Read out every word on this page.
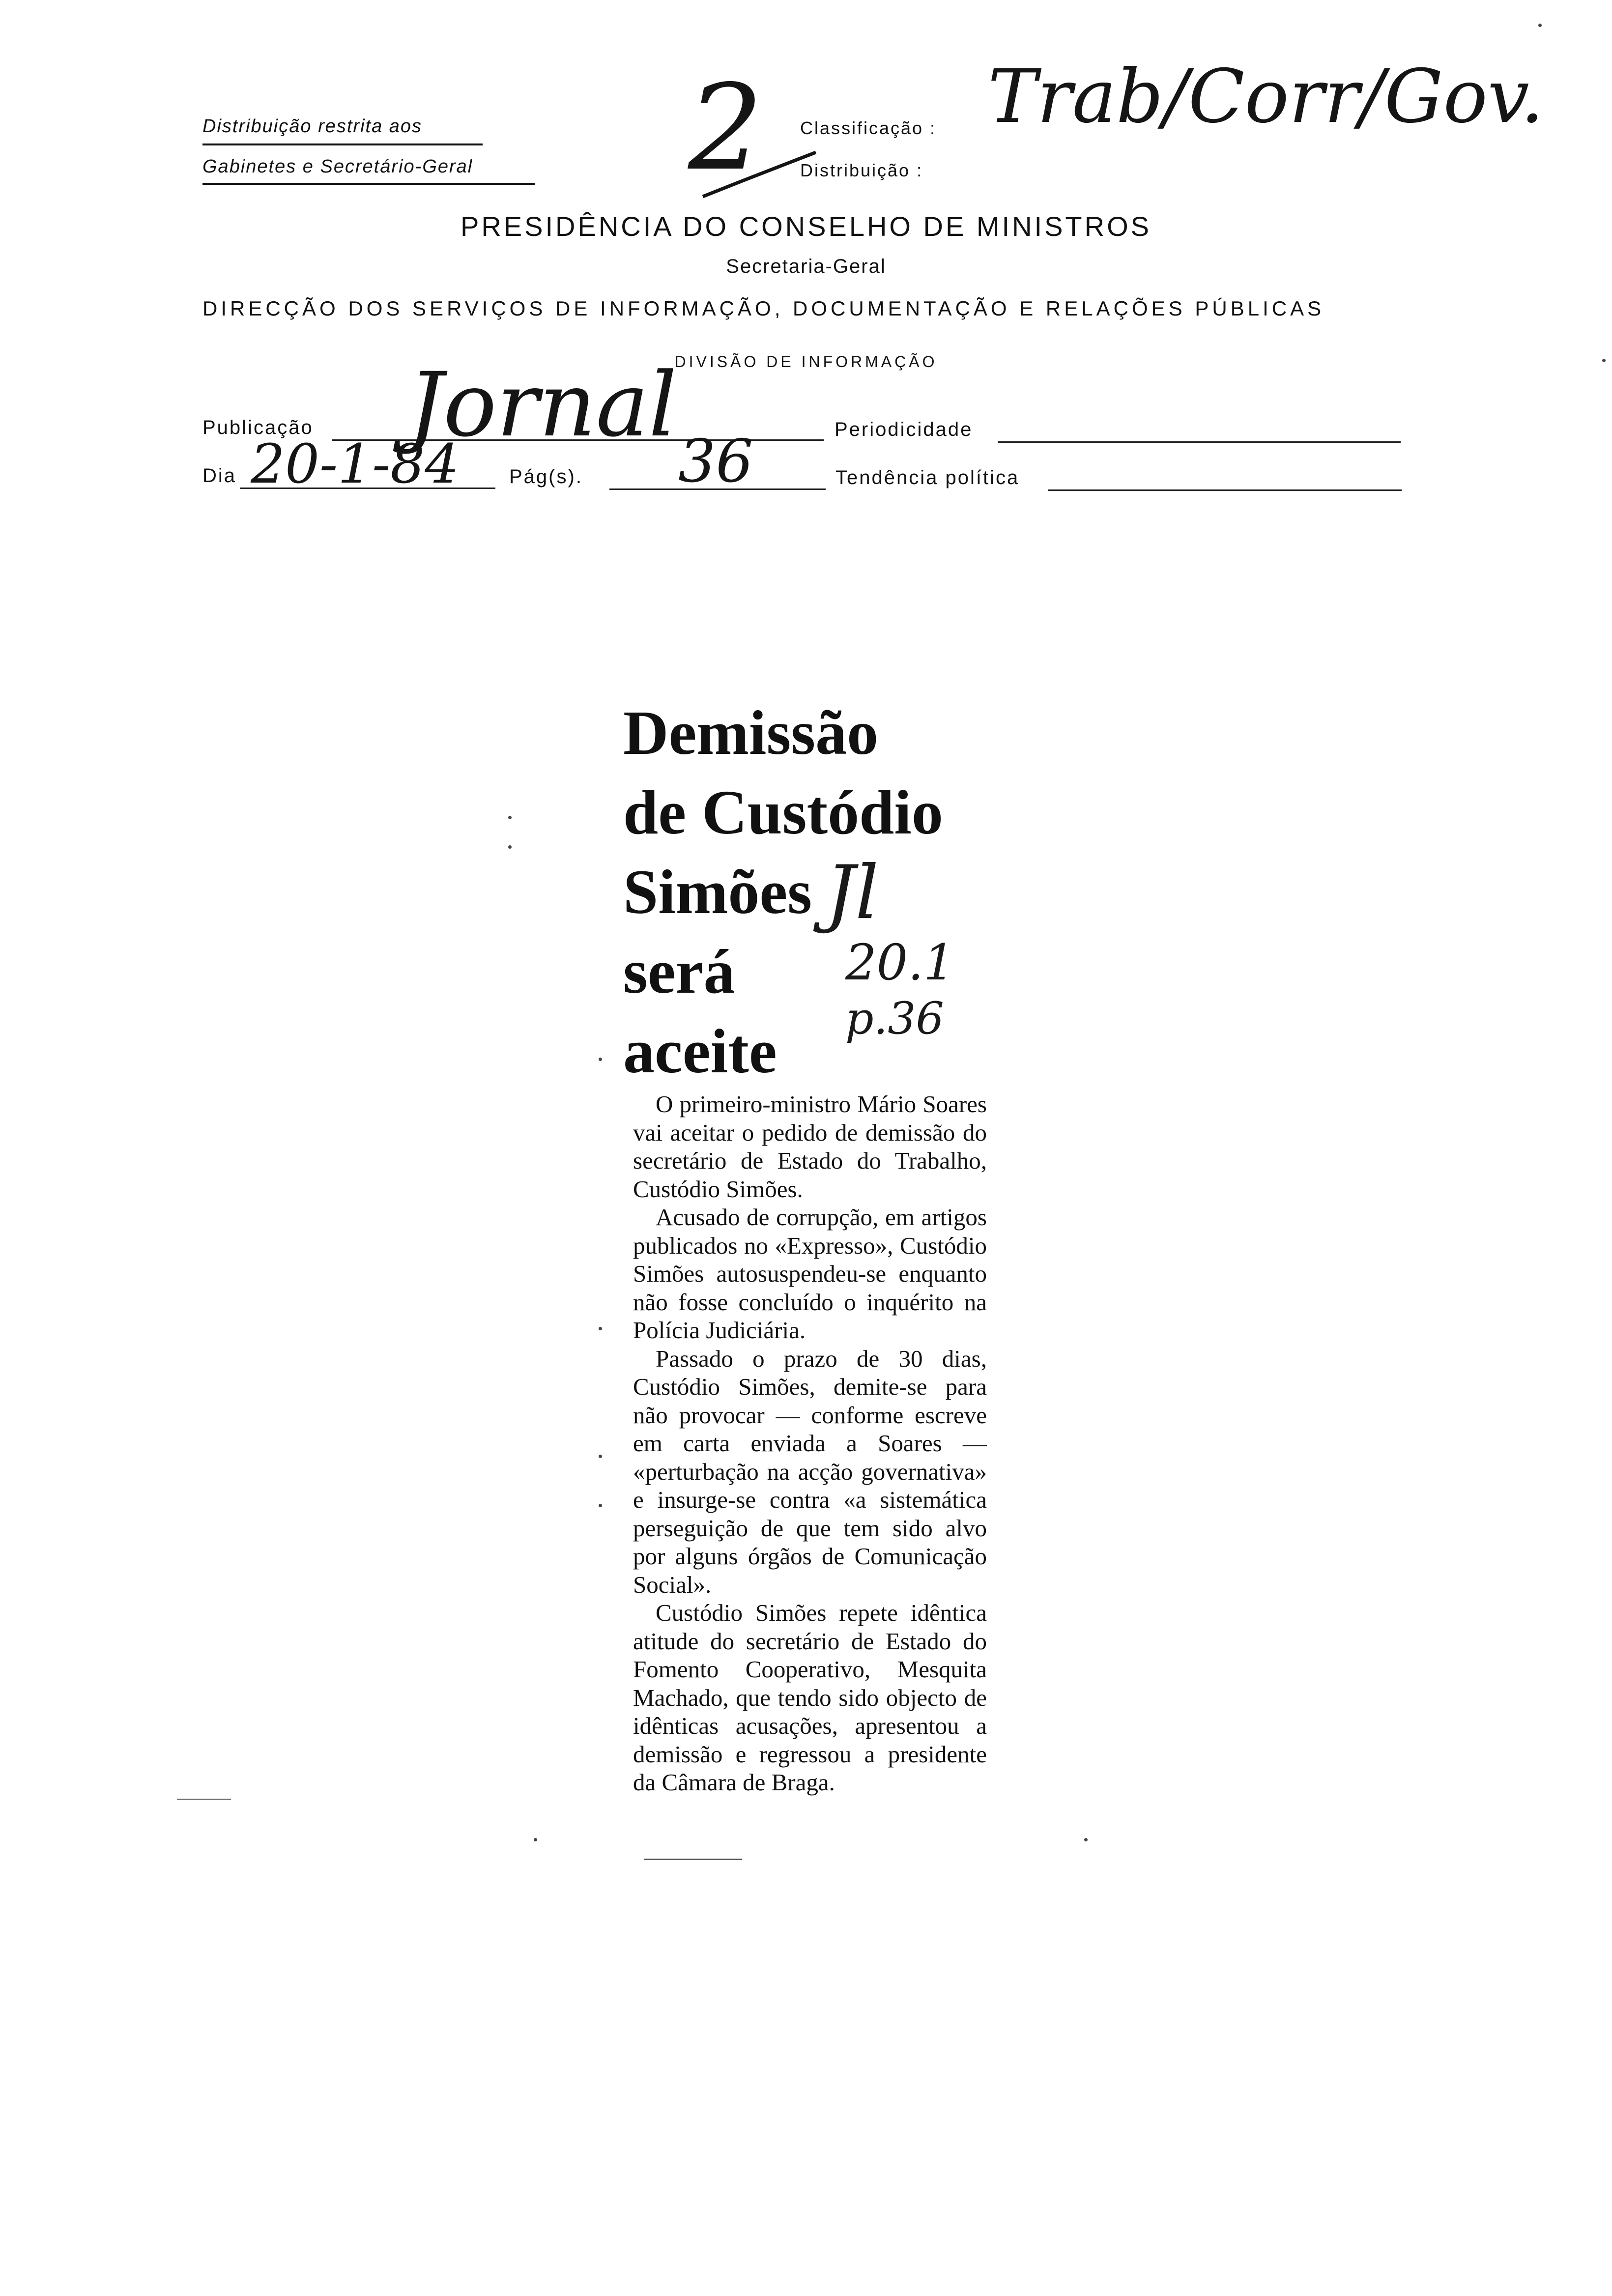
Distribuição restrita aos
Gabinetes e Secretário-Geral 2 Classificação :
Distribuição :
Trab/Corr/Gov.
PRESIDÊNCIA DO CONSELHO DE MINISTROS
Secretaria-Geral
DIRECÇÃO DOS SERVIÇOS DE INFORMAÇÃO, DOCUMENTAÇÃO E RELAÇÕES PÚBLICAS
DIVISÃO DE INFORMAÇÃO
Publicação Jornal	Periodicidade
Dia 20-1-84	Pág(s). 36	Tendência política
Demissão
de Custódio
Simões
será
aceite
Jl
20.1
p.36

O primeiro-ministro Mário Soares vai aceitar o pedido de demissão do secretário de Estado do Trabalho, Custódio Simões.

Acusado de corrupção, em artigos publicados no «Expresso», Custódio Simões autosuspendeu-se enquanto não fosse concluído o inquérito na Polícia Judiciária.

Passado o prazo de 30 dias, Custódio Simões, demite-se para não provocar — conforme escreve em carta enviada a Soares — «perturbação na acção governativa» e insurge-se contra «a sistemática perseguição de que tem sido alvo por alguns órgãos de Comunicação Social».

Custódio Simões repete idêntica atitude do secretário de Estado do Fomento Cooperativo, Mesquita Machado, que tendo sido objecto de idênticas acusações, apresentou a demissão e regressou a presidente da Câmara de Braga.
